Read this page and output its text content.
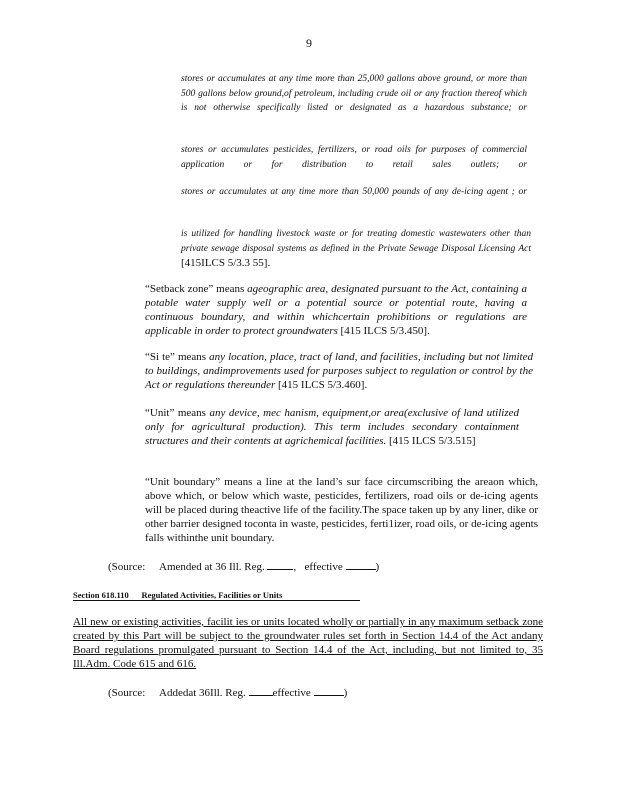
9

stores or accumulates at any time more than 25,000 gallons above ground, or more than 500 gallons below ground,of petroleum, including crude oil or any fraction thereof which is not otherwise specifically listed or designated as a hazardous substance; or

stores or accumulates pesticides, fertilizers, or road oils for purposes of commercial application or for distribution to retail sales outlets; or

stores or accumulates at any time more than 50,000 pounds of any de-icing agent ; or

is utilized for handling livestock waste or for treating domestic wastewaters other than private sewage disposal systems as defined in the Private Sewage Disposal Licensing Act [415ILCS 5/3.3 55].

“Setback zone” means ageographic area, designated pursuant to the Act, containing a potable water supply well or a potential source or potential route, having a continuous boundary, and within whichcertain prohibitions or regulations are applicable in order to protect groundwaters [415 ILCS 5/3.450].

“Si te” means any location, place, tract of land, and facilities, including but not limited to buildings, andimprovements used for purposes subject to regulation or control by the Act or regulations thereunder [415 ILCS 5/3.460].

“Unit” means any device, mec hanism, equipment,or area(exclusive of land utilized only for agricultural production). This term includes secondary containment structures and their contents at agrichemical facilities. [415 ILCS 5/3.515]

“Unit boundary” means a line at the land’s sur face circumscribing the areaon which, above which, or below which waste, pesticides, fertilizers, road oils or de-icing agents will be placed during theactive life of the facility.The space taken up by any liner, dike or other barrier designed toconta in waste, pesticides, ferti1izer, road oils, or de-icing agents falls withinthe unit boundary.

(Source: Amended at 36 Ill. Reg.	, effective	)
Section 618.110 Regulated Activities, Facilities or Units

All new or existing activities, facilit ies or units located wholly or partially in any maximum setback zone created by this Part will be subject to the groundwater rules set forth in Section 14.4 of the Act andany Board regulations promulgated pursuant to Section 14.4 of the Act, including, but not limited to, 35 Ill.Adm. Code 615 and 616.

(Source: Addedat 36Ill. Reg. effective	)
